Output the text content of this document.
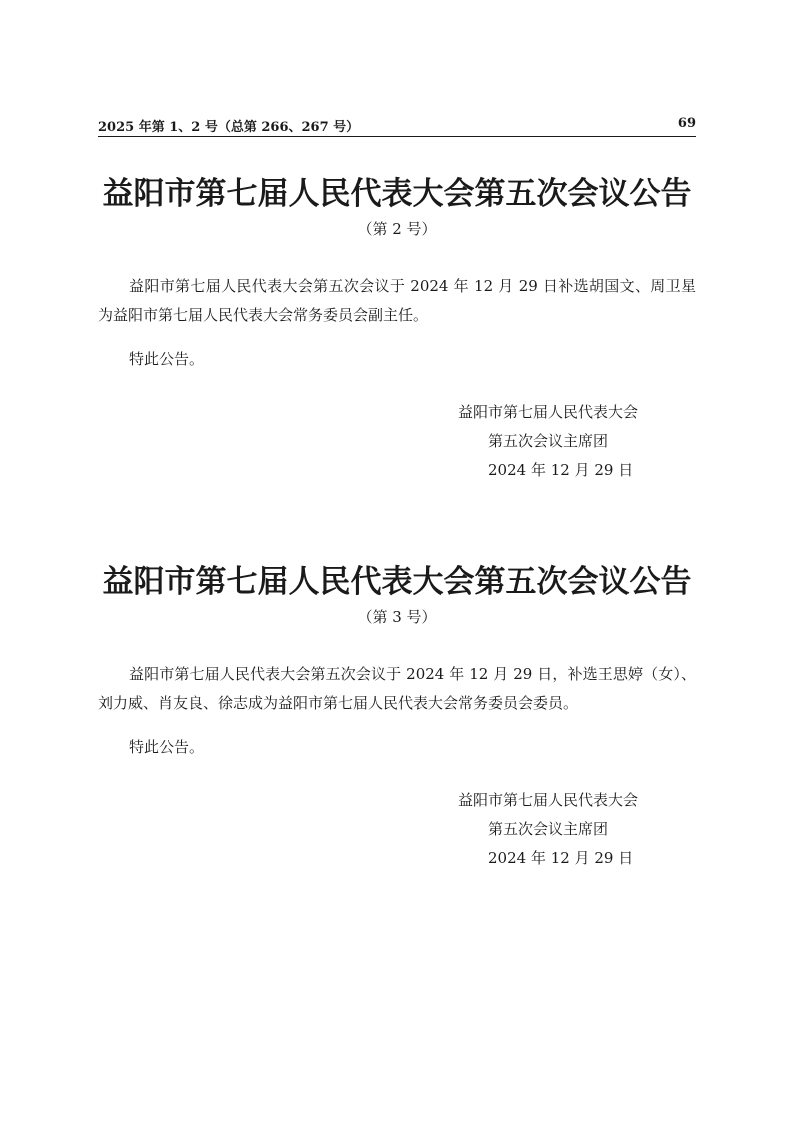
2025 年第 1、2 号（总第 266、267 号）	69
益阳市第七届人民代表大会第五次会议公告
（第 2 号）

益阳市第七届人民代表大会第五次会议于 2024 年 12 月 29 日补选胡国文、周卫星为益阳市第七届人民代表大会常务委员会副主任。

特此公告。

益阳市第七届人民代表大会
第五次会议主席团
2024 年 12 月 29 日
益阳市第七届人民代表大会第五次会议公告
（第 3 号）

益阳市第七届人民代表大会第五次会议于 2024 年 12 月 29 日，补选王思婷（女）、刘力威、肖友良、徐志成为益阳市第七届人民代表大会常务委员会委员。

特此公告。

益阳市第七届人民代表大会
第五次会议主席团
2024 年 12 月 29 日
